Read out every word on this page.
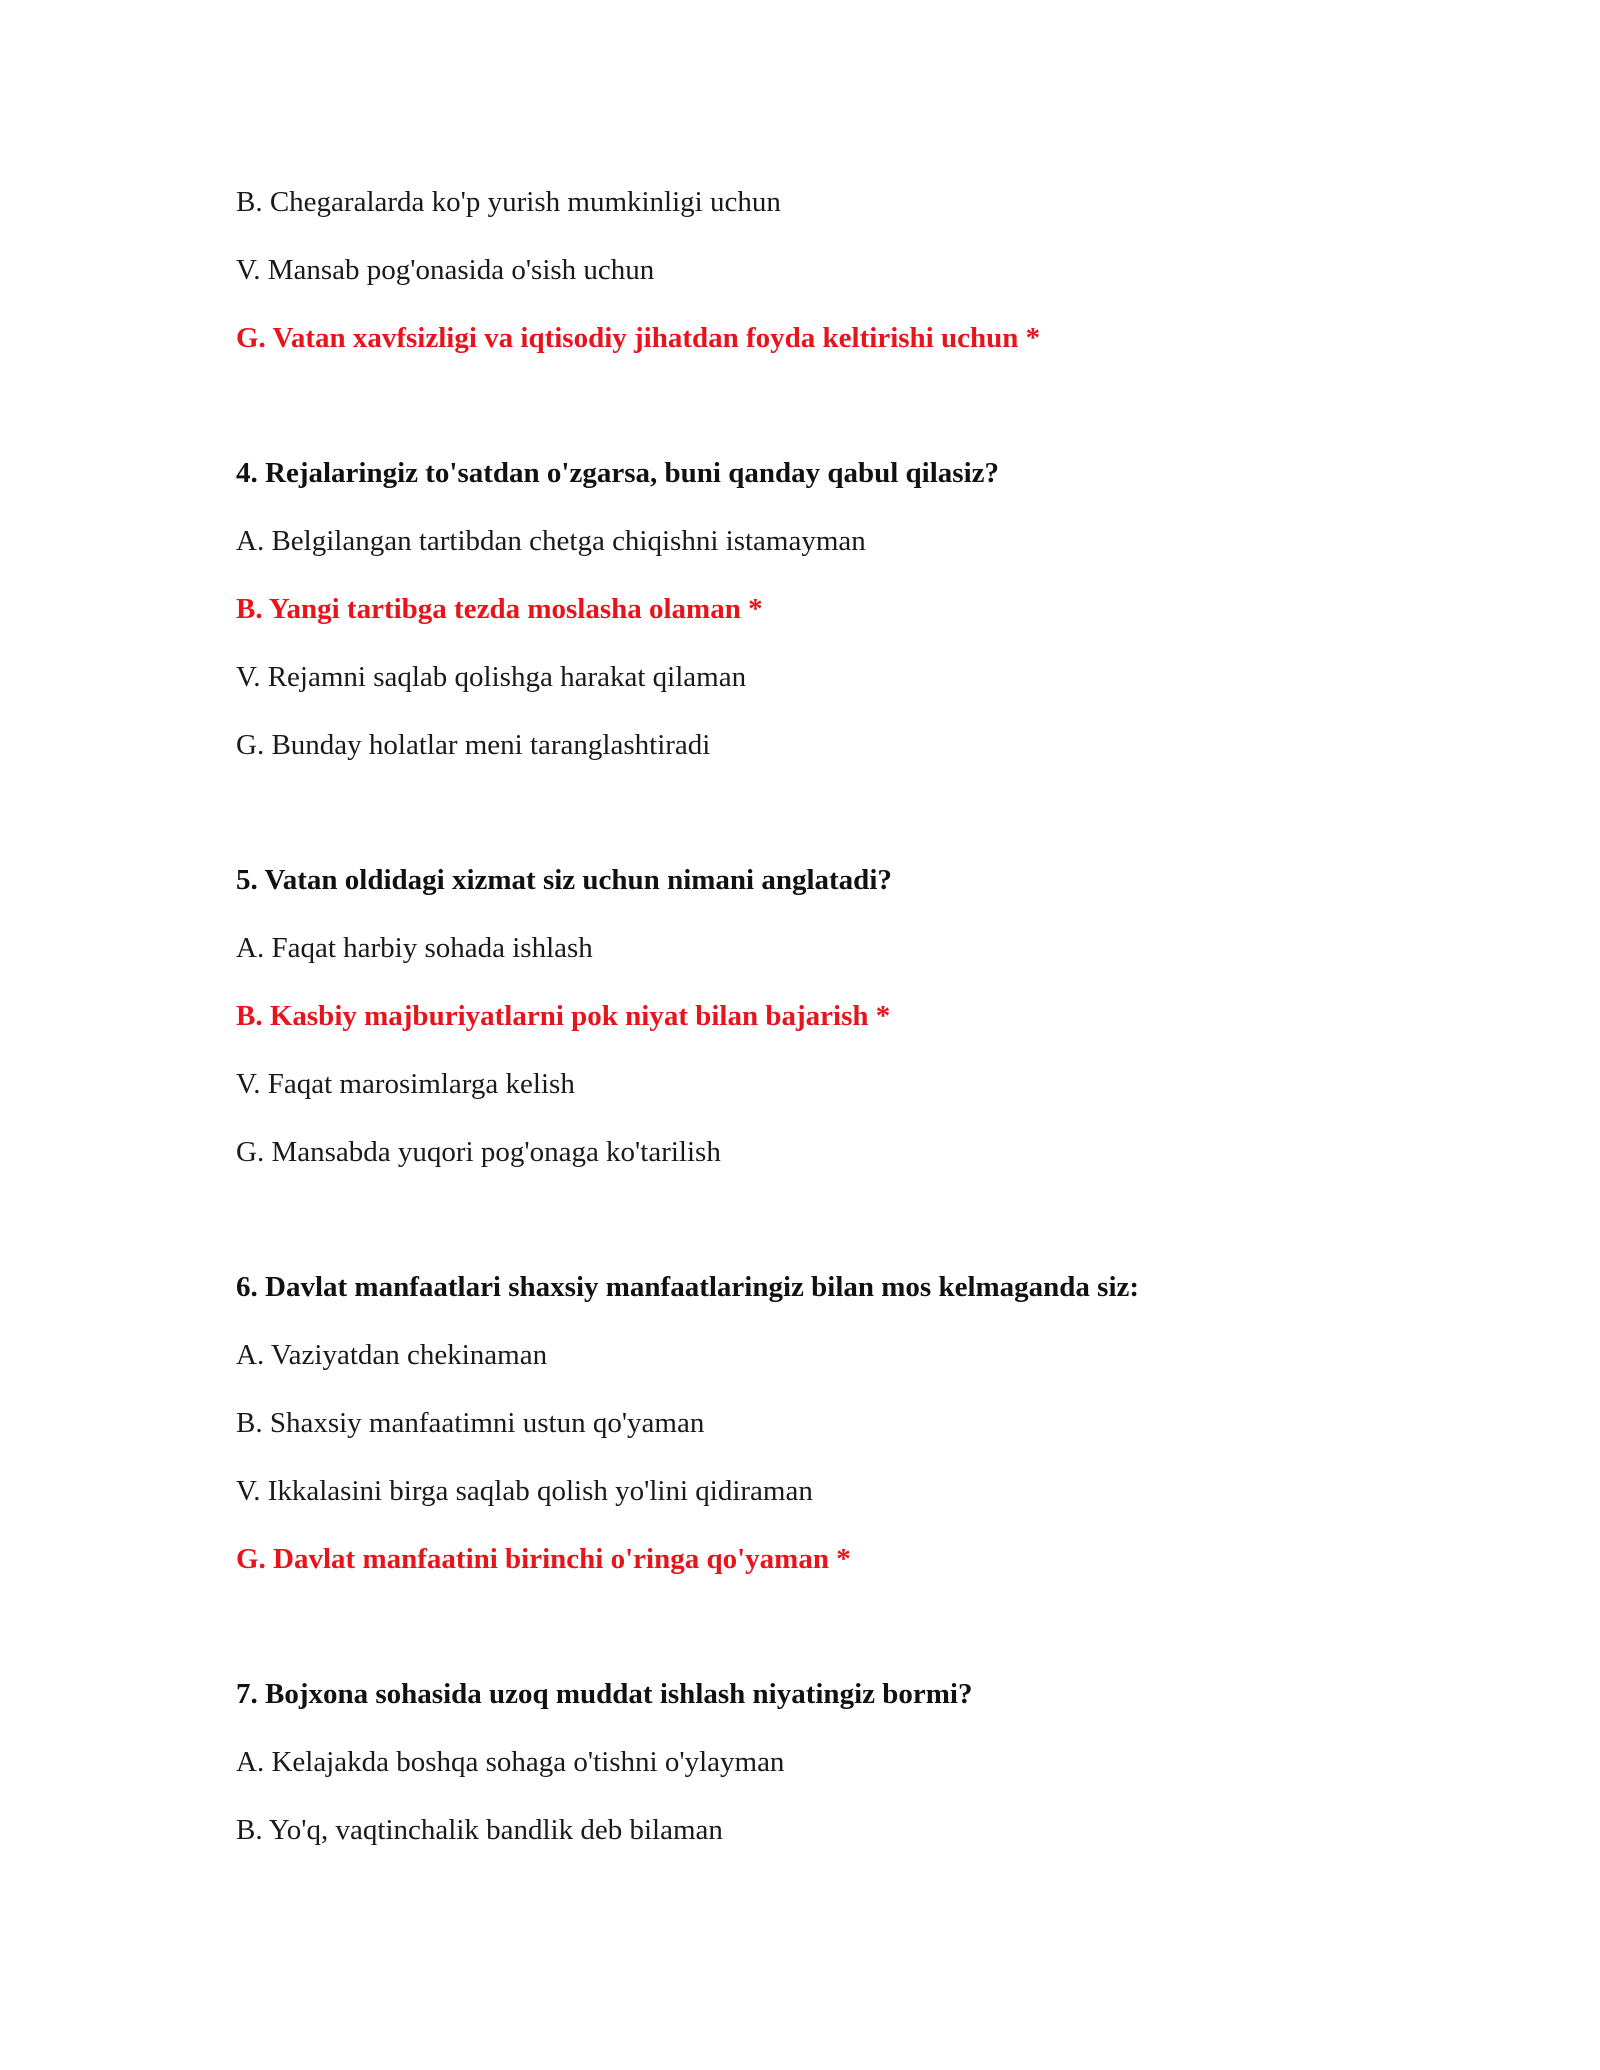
B. Chegaralarda ko'p yurish mumkinligi uchun
V. Mansab pog'onasida o'sish uchun
G. Vatan xavfsizligi va iqtisodiy jihatdan foyda keltirishi uchun *
4. Rejalaringiz to'satdan o'zgarsa, buni qanday qabul qilasiz?
A. Belgilangan tartibdan chetga chiqishni istamayman
B. Yangi tartibga tezda moslasha olaman *
V. Rejamni saqlab qolishga harakat qilaman
G. Bunday holatlar meni taranglashtiradi
5. Vatan oldidagi xizmat siz uchun nimani anglatadi?
A. Faqat harbiy sohada ishlash
B. Kasbiy majburiyatlarni pok niyat bilan bajarish *
V. Faqat marosimlarga kelish
G. Mansabda yuqori pog'onaga ko'tarilish
6. Davlat manfaatlari shaxsiy manfaatlaringiz bilan mos kelmaganda siz:
A. Vaziyatdan chekinaman
B. Shaxsiy manfaatimni ustun qo'yaman
V. Ikkalasini birga saqlab qolish yo'lini qidiraman
G. Davlat manfaatini birinchi o'ringa qo'yaman *
7. Bojxona sohasida uzoq muddat ishlash niyatingiz bormi?
A. Kelajakda boshqa sohaga o'tishni o'ylayman
B. Yo'q, vaqtinchalik bandlik deb bilaman
